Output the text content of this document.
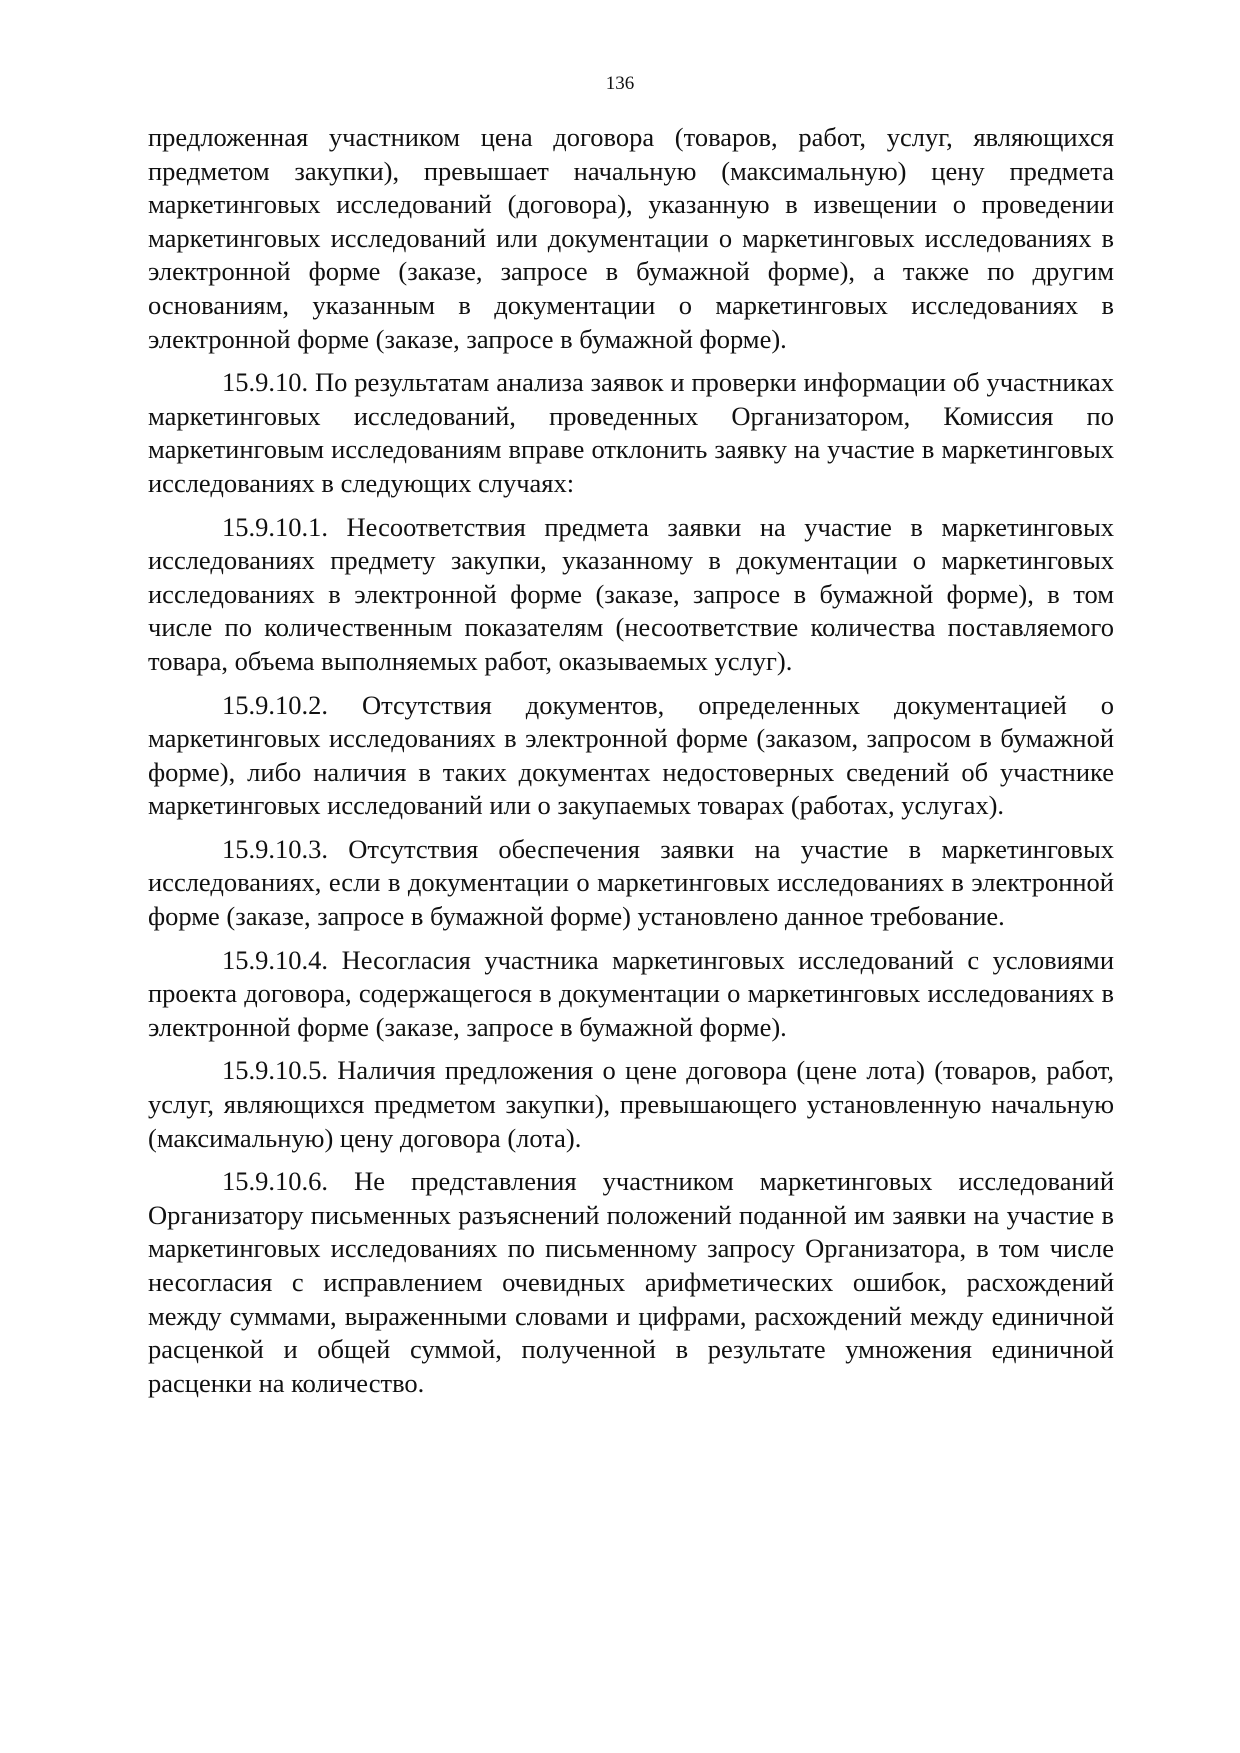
136

предложенная участником цена договора (товаров, работ, услуг, являющихся предметом закупки), превышает начальную (максимальную) цену предмета маркетинговых исследований (договора), указанную в извещении о проведении маркетинговых исследований или документации о маркетинговых исследованиях в электронной форме (заказе, запросе в бумажной форме), а также по другим основаниям, указанным в документации о маркетинговых исследованиях в электронной форме (заказе, запросе в бумажной форме).

15.9.10. По результатам анализа заявок и проверки информации об участниках маркетинговых исследований, проведенных Организатором, Комиссия по маркетинговым исследованиям вправе отклонить заявку на участие в маркетинговых исследованиях в следующих случаях:

15.9.10.1. Несоответствия предмета заявки на участие в маркетинговых исследованиях предмету закупки, указанному в документации о маркетинговых исследованиях в электронной форме (заказе, запросе в бумажной форме), в том числе по количественным показателям (несоответствие количества поставляемого товара, объема выполняемых работ, оказываемых услуг).

15.9.10.2. Отсутствия документов, определенных документацией о маркетинговых исследованиях в электронной форме (заказом, запросом в бумажной форме), либо наличия в таких документах недостоверных сведений об участнике маркетинговых исследований или о закупаемых товарах (работах, услугах).

15.9.10.3. Отсутствия обеспечения заявки на участие в маркетинговых исследованиях, если в документации о маркетинговых исследованиях в электронной форме (заказе, запросе в бумажной форме) установлено данное требование.

15.9.10.4. Несогласия участника маркетинговых исследований с условиями проекта договора, содержащегося в документации о маркетинговых исследованиях в электронной форме (заказе, запросе в бумажной форме).

15.9.10.5. Наличия предложения о цене договора (цене лота) (товаров, работ, услуг, являющихся предметом закупки), превышающего установленную начальную (максимальную) цену договора (лота).

15.9.10.6. Не представления участником маркетинговых исследований Организатору письменных разъяснений положений поданной им заявки на участие в маркетинговых исследованиях по письменному запросу Организатора, в том числе несогласия с исправлением очевидных арифметических ошибок, расхождений между суммами, выраженными словами и цифрами, расхождений между единичной расценкой и общей суммой, полученной в результате умножения единичной расценки на количество.
